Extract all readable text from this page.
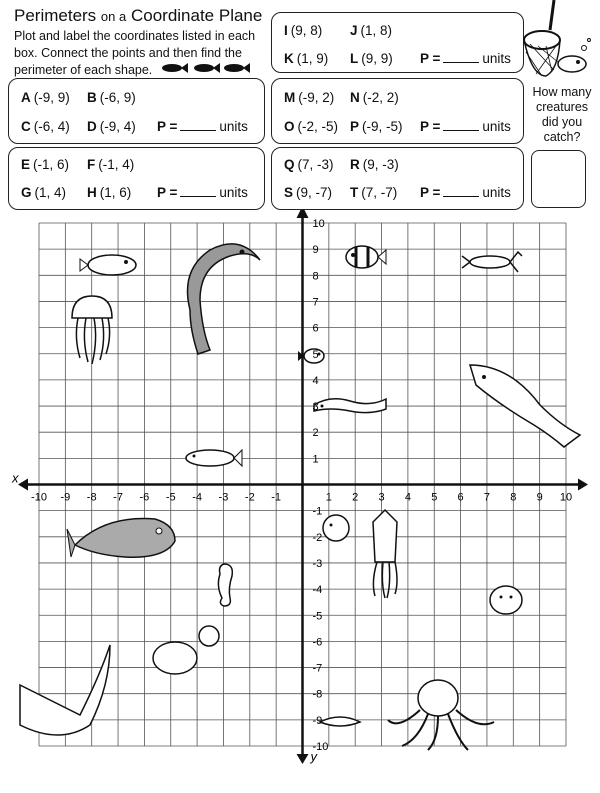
Perimeters on a Coordinate Plane
Plot and label the coordinates listed in each box. Connect the points and then find the perimeter of each shape.
I (9, 8)	J (1, 8)
K (1, 9)	L (9, 9)	P =	units
A (-9, 9)	B (-6, 9)
C (-6, 4)	D (-9, 4)	P =	units
M (-9, 2)	N (-2, 2)
O (-2, -5) P (-9, -5)	P =	units
E (-1, 6)	F (-1, 4)
G (1, 4)	H (1, 6)	P =	units
Q (7, -3)	R (9, -3)
S (9, -7)	T (7, -7)	P =	units
How many creatures did you catch?
x
y
-10 -9 -8 -7 -6 -5 -4 -3 -2 -1	1 2 3 4 5 6 7 8 9 10
10
9
8
7
6
5
4
3
2
1
-1
-2
-3
-4
-5
-6
-7
-8
-9
-10
